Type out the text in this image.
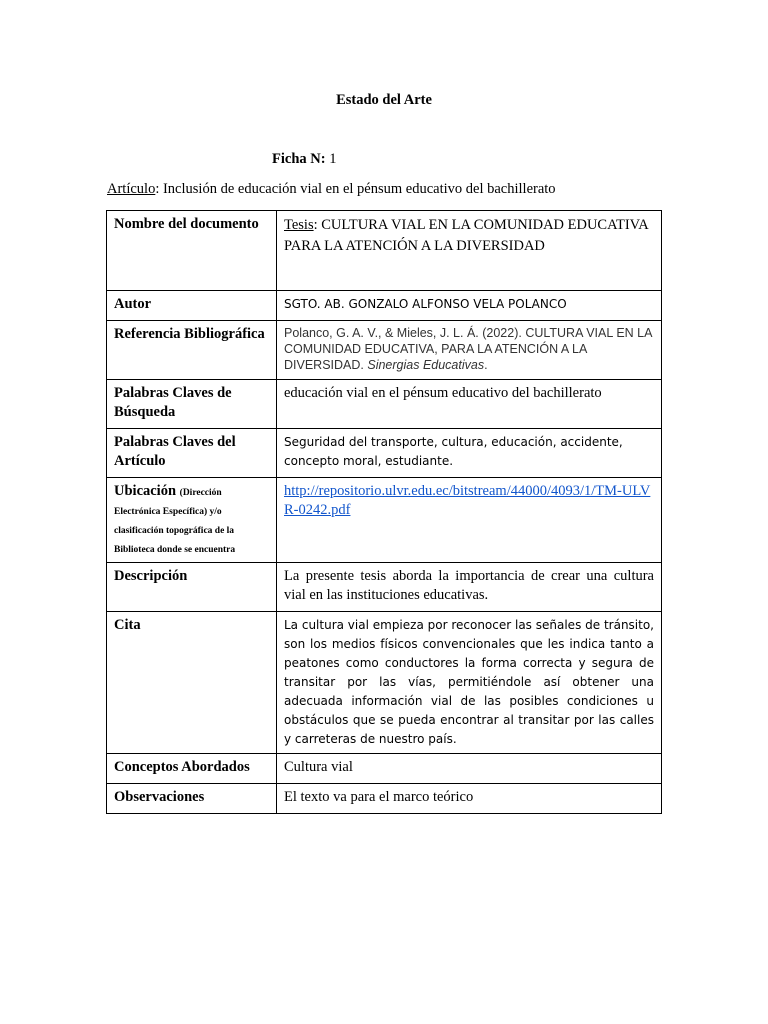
Estado del Arte
Ficha N: 1
Artículo: Inclusión de educación vial en el pénsum educativo del bachillerato
Nombre del documento	Tesis: CULTURA VIAL EN LA COMUNIDAD EDUCATIVA PARA LA ATENCIÓN A LA DIVERSIDAD
Autor	SGTO. AB. GONZALO ALFONSO VELA POLANCO
Referencia Bibliográfica	Polanco, G. A. V., & Mieles, J. L. Á. (2022). CULTURA VIAL EN LA COMUNIDAD EDUCATIVA, PARA LA ATENCIÓN A LA DIVERSIDAD. Sinergias Educativas.
Palabras Claves de Búsqueda	educación vial en el pénsum educativo del bachillerato
Palabras Claves del Artículo	Seguridad del transporte, cultura, educación, accidente, concepto moral, estudiante.
Ubicación (Dirección Electrónica Específica) y/o clasificación topográfica de la Biblioteca donde se encuentra	http://repositorio.ulvr.edu.ec/bitstream/44000/4093/1/TM-ULVR-0242.pdf
Descripción	La presente tesis aborda la importancia de crear una cultura vial en las instituciones educativas.
Cita	La cultura vial empieza por reconocer las señales de tránsito, son los medios físicos convencionales que les indica tanto a peatones como conductores la forma correcta y segura de transitar por las vías, permitiéndole así obtener una adecuada información vial de las posibles condiciones u obstáculos que se pueda encontrar al transitar por las calles y carreteras de nuestro país.
Conceptos Abordados	Cultura vial
Observaciones	El texto va para el marco teórico
